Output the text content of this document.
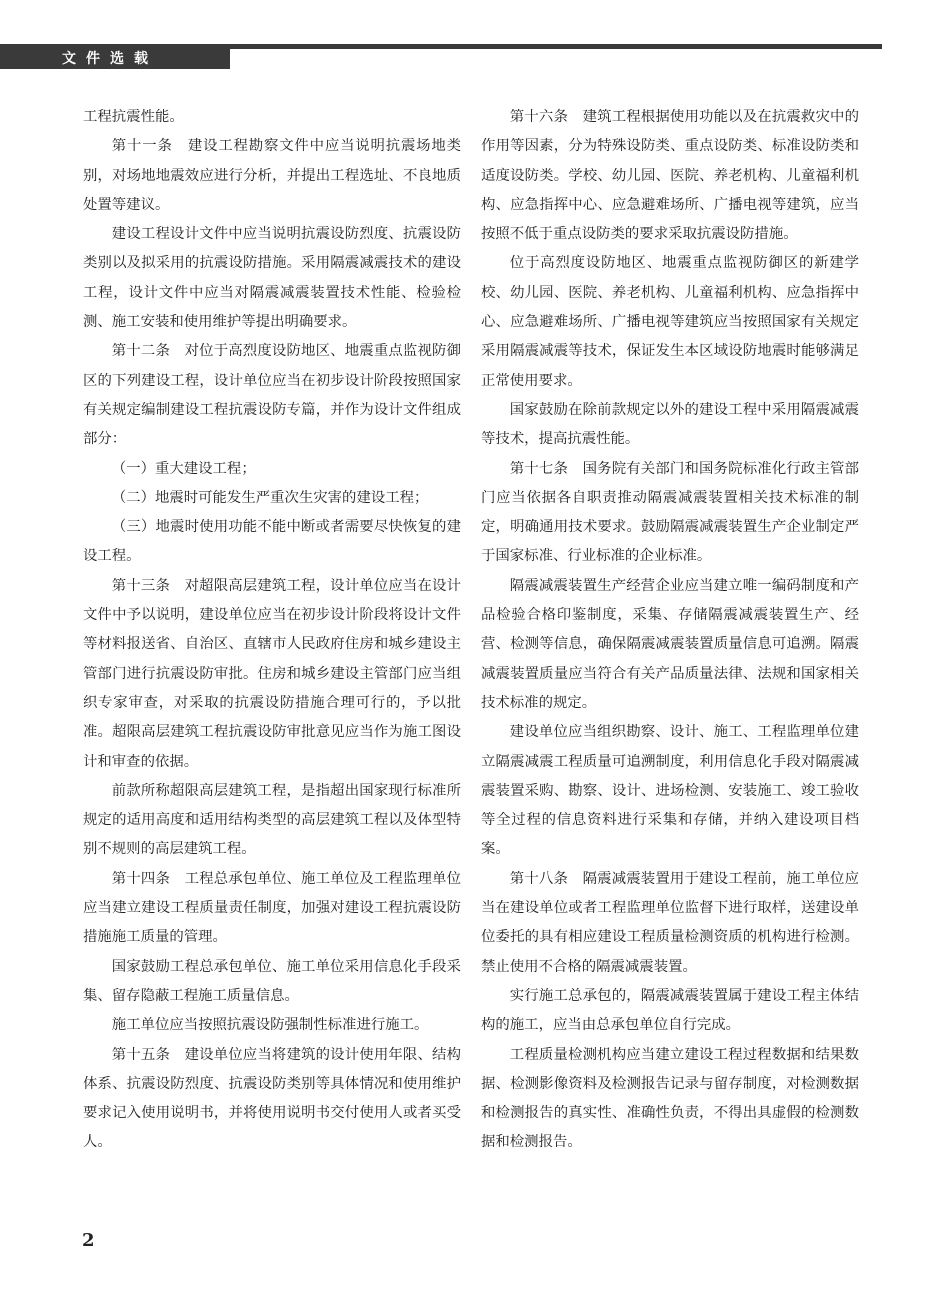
文件选载

工程抗震性能。

第十一条　建设工程勘察文件中应当说明抗震场地类别，对场地地震效应进行分析，并提出工程选址、不良地质处置等建议。

建设工程设计文件中应当说明抗震设防烈度、抗震设防类别以及拟采用的抗震设防措施。采用隔震减震技术的建设工程，设计文件中应当对隔震减震装置技术性能、检验检测、施工安装和使用维护等提出明确要求。

第十二条　对位于高烈度设防地区、地震重点监视防御区的下列建设工程，设计单位应当在初步设计阶段按照国家有关规定编制建设工程抗震设防专篇，并作为设计文件组成部分：

（一）重大建设工程；

（二）地震时可能发生严重次生灾害的建设工程；

（三）地震时使用功能不能中断或者需要尽快恢复的建设工程。

第十三条　对超限高层建筑工程，设计单位应当在设计文件中予以说明，建设单位应当在初步设计阶段将设计文件等材料报送省、自治区、直辖市人民政府住房和城乡建设主管部门进行抗震设防审批。住房和城乡建设主管部门应当组织专家审查，对采取的抗震设防措施合理可行的，予以批准。超限高层建筑工程抗震设防审批意见应当作为施工图设计和审查的依据。

前款所称超限高层建筑工程，是指超出国家现行标准所规定的适用高度和适用结构类型的高层建筑工程以及体型特别不规则的高层建筑工程。

第十四条　工程总承包单位、施工单位及工程监理单位应当建立建设工程质量责任制度，加强对建设工程抗震设防措施施工质量的管理。

国家鼓励工程总承包单位、施工单位采用信息化手段采集、留存隐蔽工程施工质量信息。

施工单位应当按照抗震设防强制性标准进行施工。

第十五条　建设单位应当将建筑的设计使用年限、结构体系、抗震设防烈度、抗震设防类别等具体情况和使用维护要求记入使用说明书，并将使用说明书交付使用人或者买受人。

第十六条　建筑工程根据使用功能以及在抗震救灾中的作用等因素，分为特殊设防类、重点设防类、标准设防类和适度设防类。学校、幼儿园、医院、养老机构、儿童福利机构、应急指挥中心、应急避难场所、广播电视等建筑，应当按照不低于重点设防类的要求采取抗震设防措施。

位于高烈度设防地区、地震重点监视防御区的新建学校、幼儿园、医院、养老机构、儿童福利机构、应急指挥中心、应急避难场所、广播电视等建筑应当按照国家有关规定采用隔震减震等技术，保证发生本区域设防地震时能够满足正常使用要求。

国家鼓励在除前款规定以外的建设工程中采用隔震减震等技术，提高抗震性能。

第十七条　国务院有关部门和国务院标准化行政主管部门应当依据各自职责推动隔震减震装置相关技术标准的制定，明确通用技术要求。鼓励隔震减震装置生产企业制定严于国家标准、行业标准的企业标准。

隔震减震装置生产经营企业应当建立唯一编码制度和产品检验合格印鉴制度，采集、存储隔震减震装置生产、经营、检测等信息，确保隔震减震装置质量信息可追溯。隔震减震装置质量应当符合有关产品质量法律、法规和国家相关技术标准的规定。

建设单位应当组织勘察、设计、施工、工程监理单位建立隔震减震工程质量可追溯制度，利用信息化手段对隔震减震装置采购、勘察、设计、进场检测、安装施工、竣工验收等全过程的信息资料进行采集和存储，并纳入建设项目档案。

第十八条　隔震减震装置用于建设工程前，施工单位应当在建设单位或者工程监理单位监督下进行取样，送建设单位委托的具有相应建设工程质量检测资质的机构进行检测。禁止使用不合格的隔震减震装置。

实行施工总承包的，隔震减震装置属于建设工程主体结构的施工，应当由总承包单位自行完成。

工程质量检测机构应当建立建设工程过程数据和结果数据、检测影像资料及检测报告记录与留存制度，对检测数据和检测报告的真实性、准确性负责，不得出具虚假的检测数据和检测报告。

2
